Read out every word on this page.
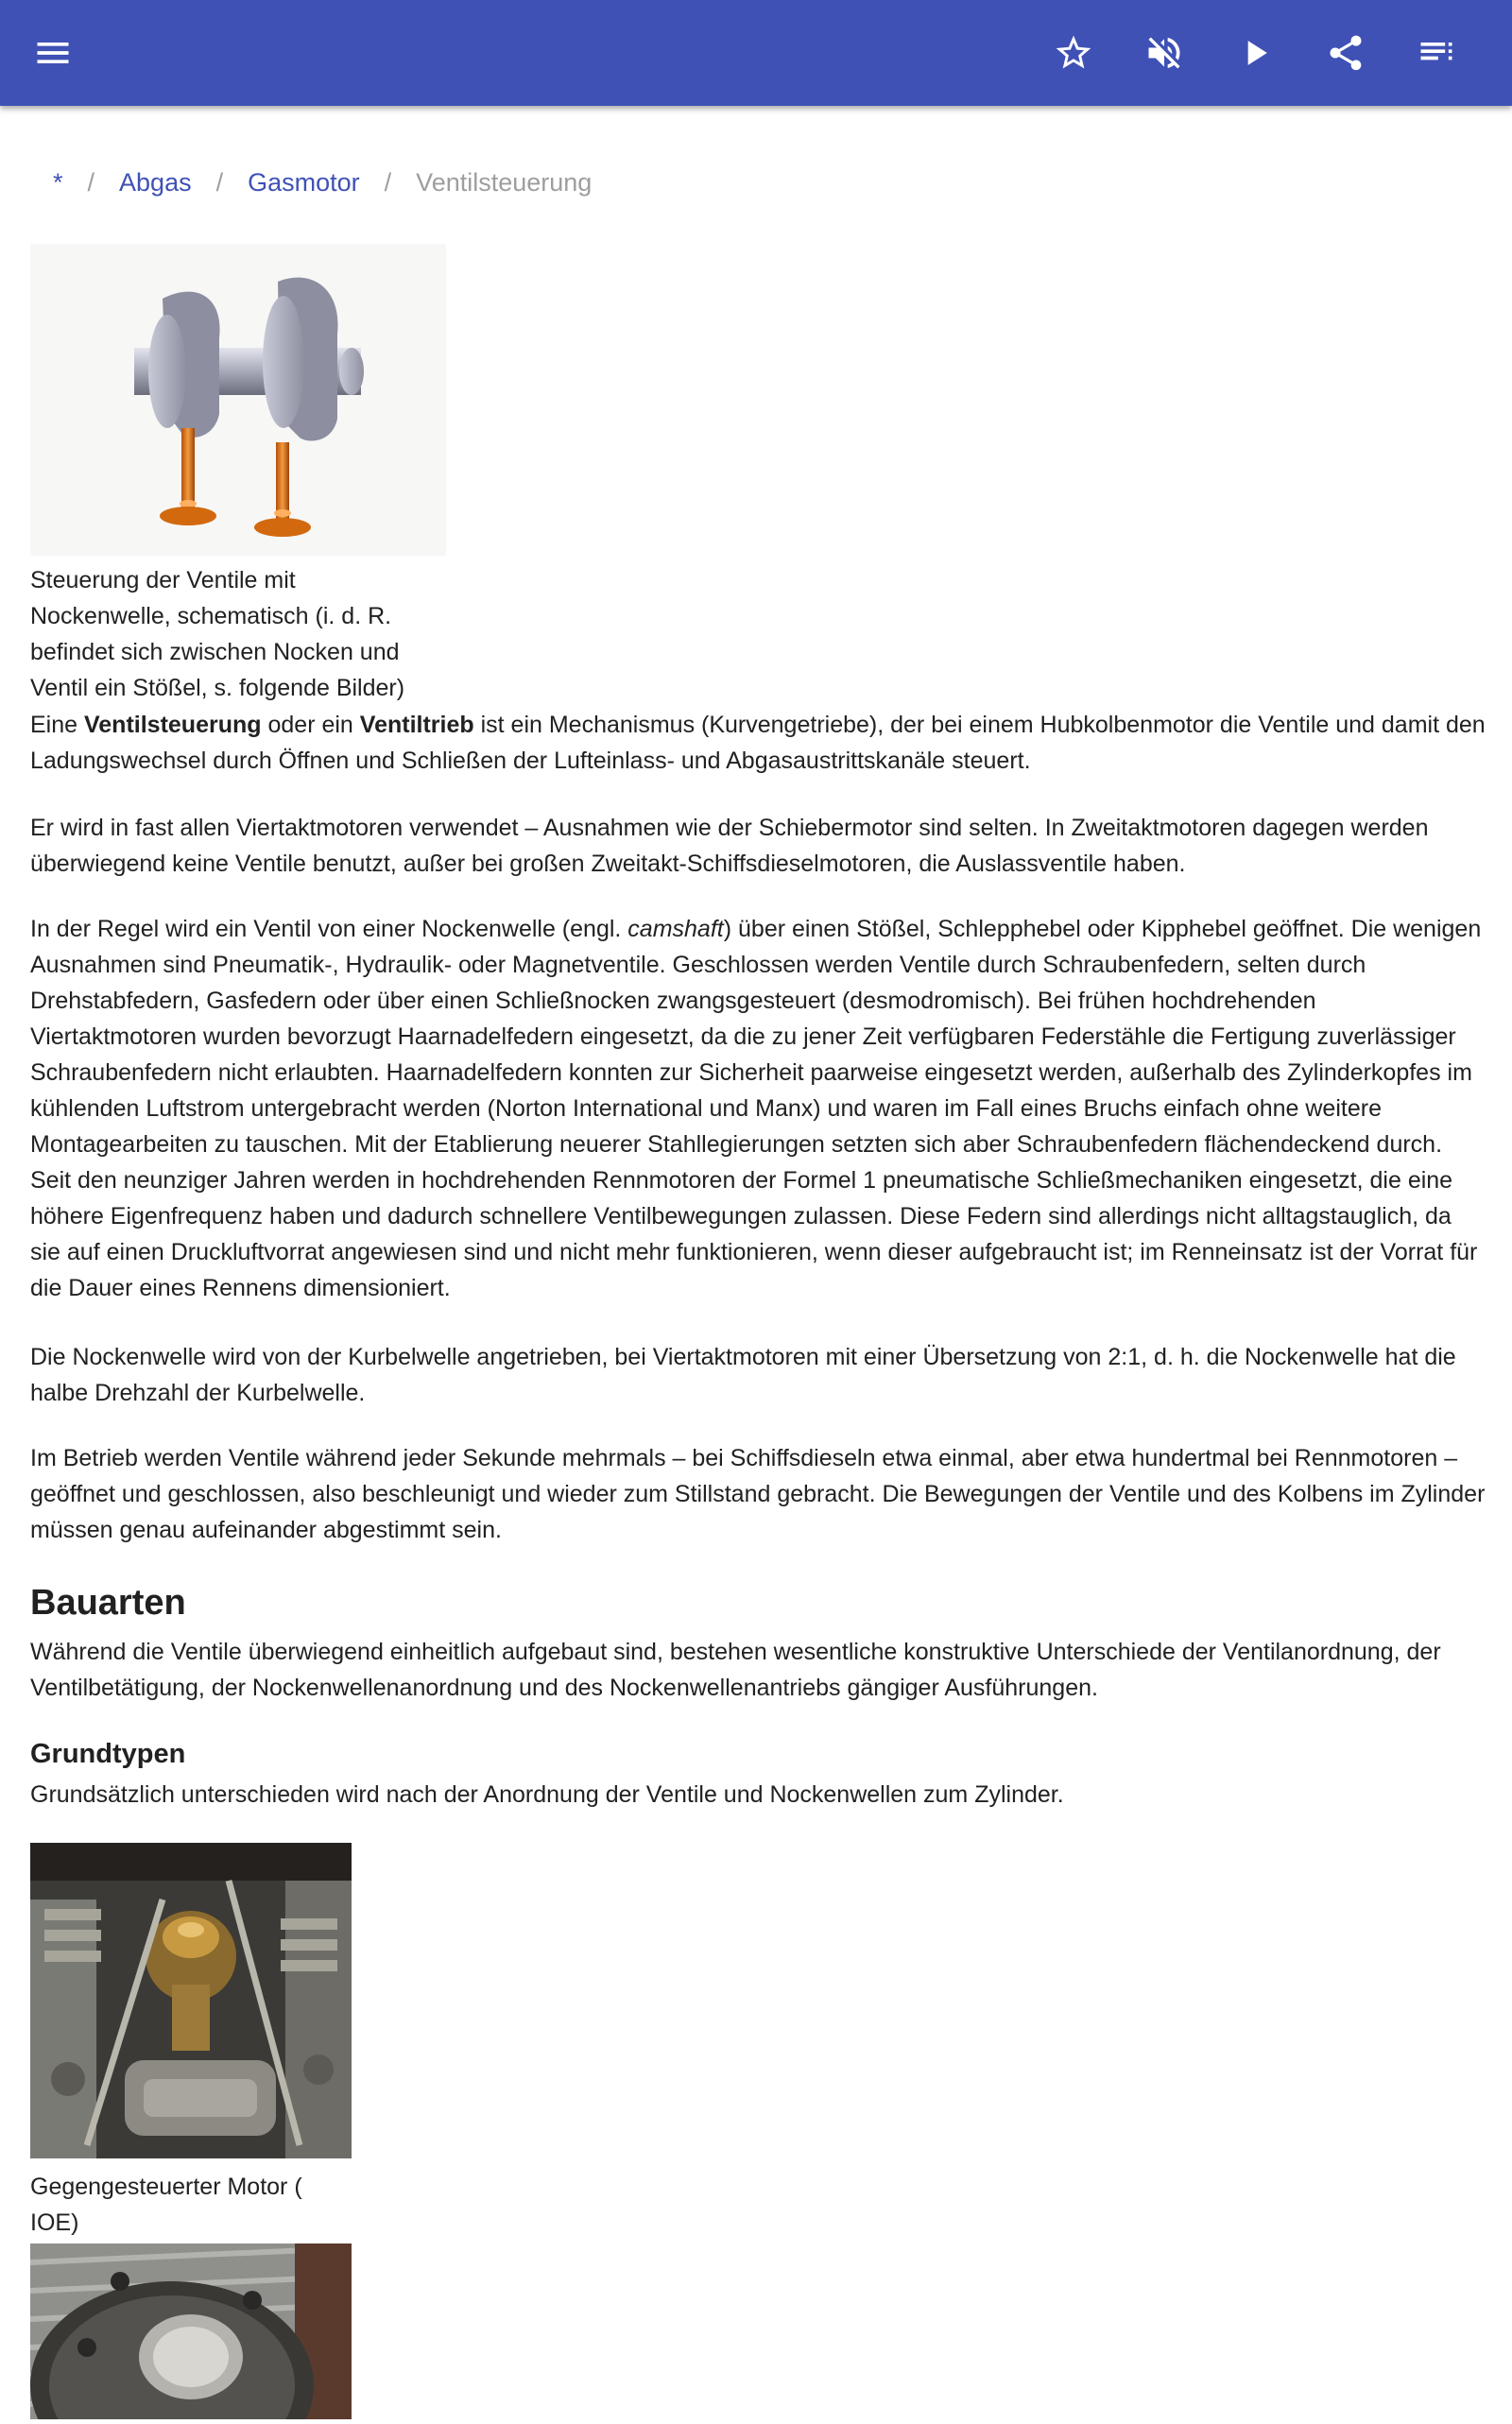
* / Abgas / Gasmotor / Ventilsteuerung
Steuerung der Ventile mit Nockenwelle, schematisch (i. d. R. befindet sich zwischen Nocken und Ventil ein Stößel, s. folgende Bilder)

Eine Ventilsteuerung oder ein Ventiltrieb ist ein Mechanismus (Kurvengetriebe), der bei einem Hubkolbenmotor die Ventile und damit den Ladungswechsel durch Öffnen und Schließen der Lufteinlass- und Abgasaustrittskanäle steuert.

Er wird in fast allen Viertaktmotoren verwendet – Ausnahmen wie der Schiebermotor sind selten. In Zweitaktmotoren dagegen werden überwiegend keine Ventile benutzt, außer bei großen Zweitakt-Schiffsdieselmotoren, die Auslassventile haben.

In der Regel wird ein Ventil von einer Nockenwelle (engl. camshaft) über einen Stößel, Schlepphebel oder Kipphebel geöffnet. Die wenigen Ausnahmen sind Pneumatik-, Hydraulik- oder Magnetventile. Geschlossen werden Ventile durch Schraubenfedern, selten durch Drehstabfedern, Gasfedern oder über einen Schließnocken zwangsgesteuert (desmodromisch). Bei frühen hochdrehenden Viertaktmotoren wurden bevorzugt Haarnadelfedern eingesetzt, da die zu jener Zeit verfügbaren Federstähle die Fertigung zuverlässiger Schraubenfedern nicht erlaubten. Haarnadelfedern konnten zur Sicherheit paarweise eingesetzt werden, außerhalb des Zylinderkopfes im kühlenden Luftstrom untergebracht werden (Norton International und Manx) und waren im Fall eines Bruchs einfach ohne weitere Montagearbeiten zu tauschen. Mit der Etablierung neuerer Stahllegierungen setzten sich aber Schraubenfedern flächendeckend durch. Seit den neunziger Jahren werden in hochdrehenden Rennmotoren der Formel 1 pneumatische Schließmechaniken eingesetzt, die eine höhere Eigenfrequenz haben und dadurch schnellere Ventilbewegungen zulassen. Diese Federn sind allerdings nicht alltagstauglich, da sie auf einen Druckluftvorrat angewiesen sind und nicht mehr funktionieren, wenn dieser aufgebraucht ist; im Renneinsatz ist der Vorrat für die Dauer eines Rennens dimensioniert.

Die Nockenwelle wird von der Kurbelwelle angetrieben, bei Viertaktmotoren mit einer Übersetzung von 2:1, d. h. die Nockenwelle hat die halbe Drehzahl der Kurbelwelle.

Im Betrieb werden Ventile während jeder Sekunde mehrmals – bei Schiffsdieseln etwa einmal, aber etwa hundertmal bei Rennmotoren – geöffnet und geschlossen, also beschleunigt und wieder zum Stillstand gebracht. Die Bewegungen der Ventile und des Kolbens im Zylinder müssen genau aufeinander abgestimmt sein.

Bauarten

Während die Ventile überwiegend einheitlich aufgebaut sind, bestehen wesentliche konstruktive Unterschiede der Ventilanordnung, der Ventilbetätigung, der Nockenwellenanordnung und des Nockenwellenantriebs gängiger Ausführungen.

Grundtypen

Grundsätzlich unterschieden wird nach der Anordnung der Ventile und Nockenwellen zum Zylinder.

Gegengesteuerter Motor ( IOE)
